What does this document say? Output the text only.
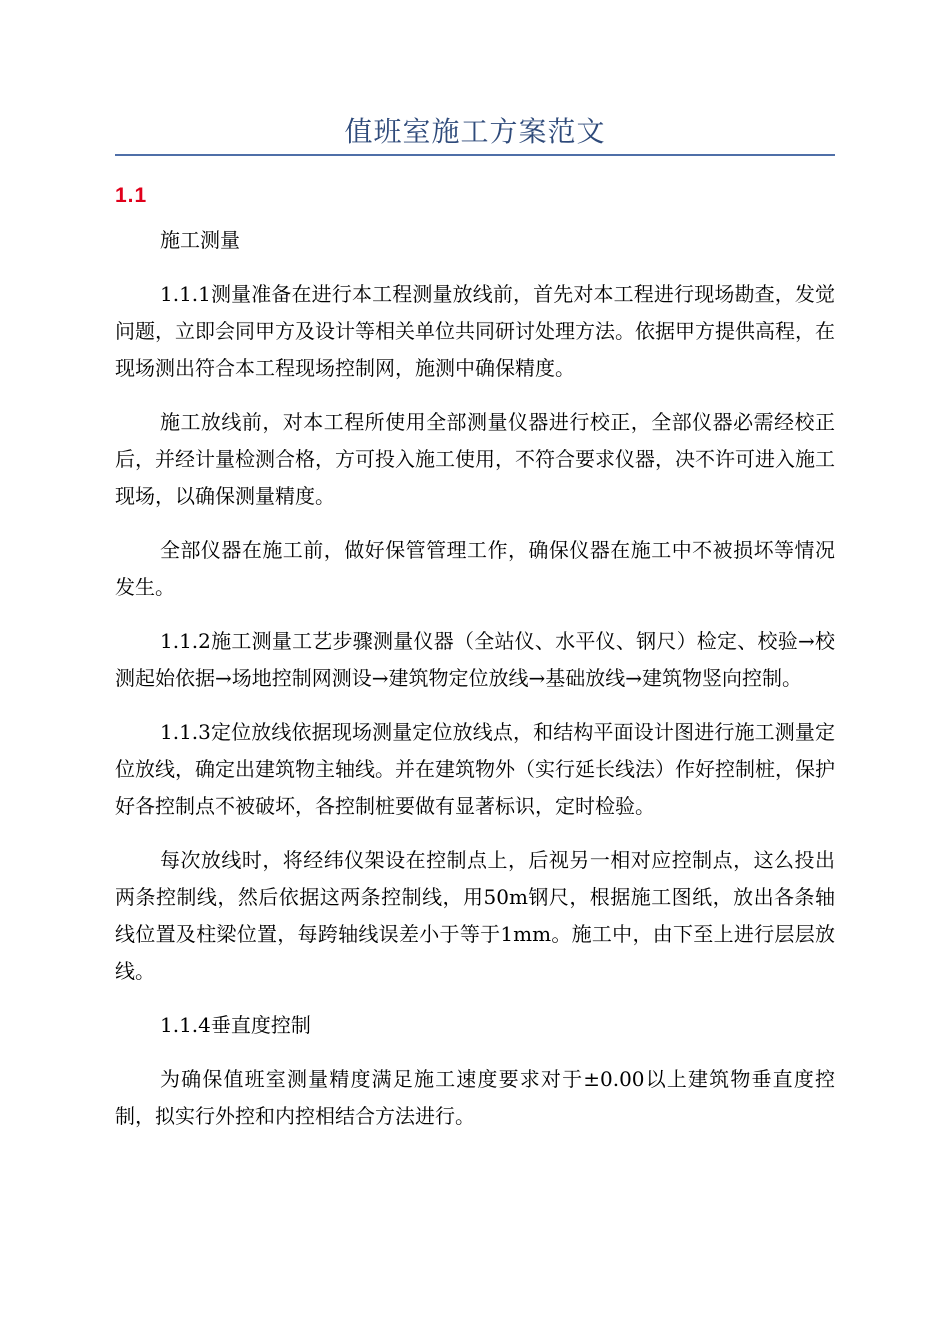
值班室施工方案范文
1.1

施工测量

1.1.1测量准备在进行本工程测量放线前，首先对本工程进行现场勘查，发觉问题，立即会同甲方及设计等相关单位共同研讨处理方法。依据甲方提供高程，在现场测出符合本工程现场控制网，施测中确保精度。

施工放线前，对本工程所使用全部测量仪器进行校正，全部仪器必需经校正后，并经计量检测合格，方可投入施工使用，不符合要求仪器，决不许可进入施工现场，以确保测量精度。

全部仪器在施工前，做好保管管理工作，确保仪器在施工中不被损坏等情况发生。

1.1.2施工测量工艺步骤测量仪器（全站仪、水平仪、钢尺）检定、校验→校测起始依据→场地控制网测设→建筑物定位放线→基础放线→建筑物竖向控制。

1.1.3定位放线依据现场测量定位放线点，和结构平面设计图进行施工测量定位放线，确定出建筑物主轴线。并在建筑物外（实行延长线法）作好控制桩，保护好各控制点不被破坏，各控制桩要做有显著标识，定时检验。

每次放线时，将经纬仪架设在控制点上，后视另一相对应控制点，这么投出两条控制线，然后依据这两条控制线，用50m钢尺，根据施工图纸，放出各条轴线位置及柱梁位置，每跨轴线误差小于等于1mm。施工中，由下至上进行层层放线。

1.1.4垂直度控制

为确保值班室测量精度满足施工速度要求对于±0.00以上建筑物垂直度控制，拟实行外控和内控相结合方法进行。
